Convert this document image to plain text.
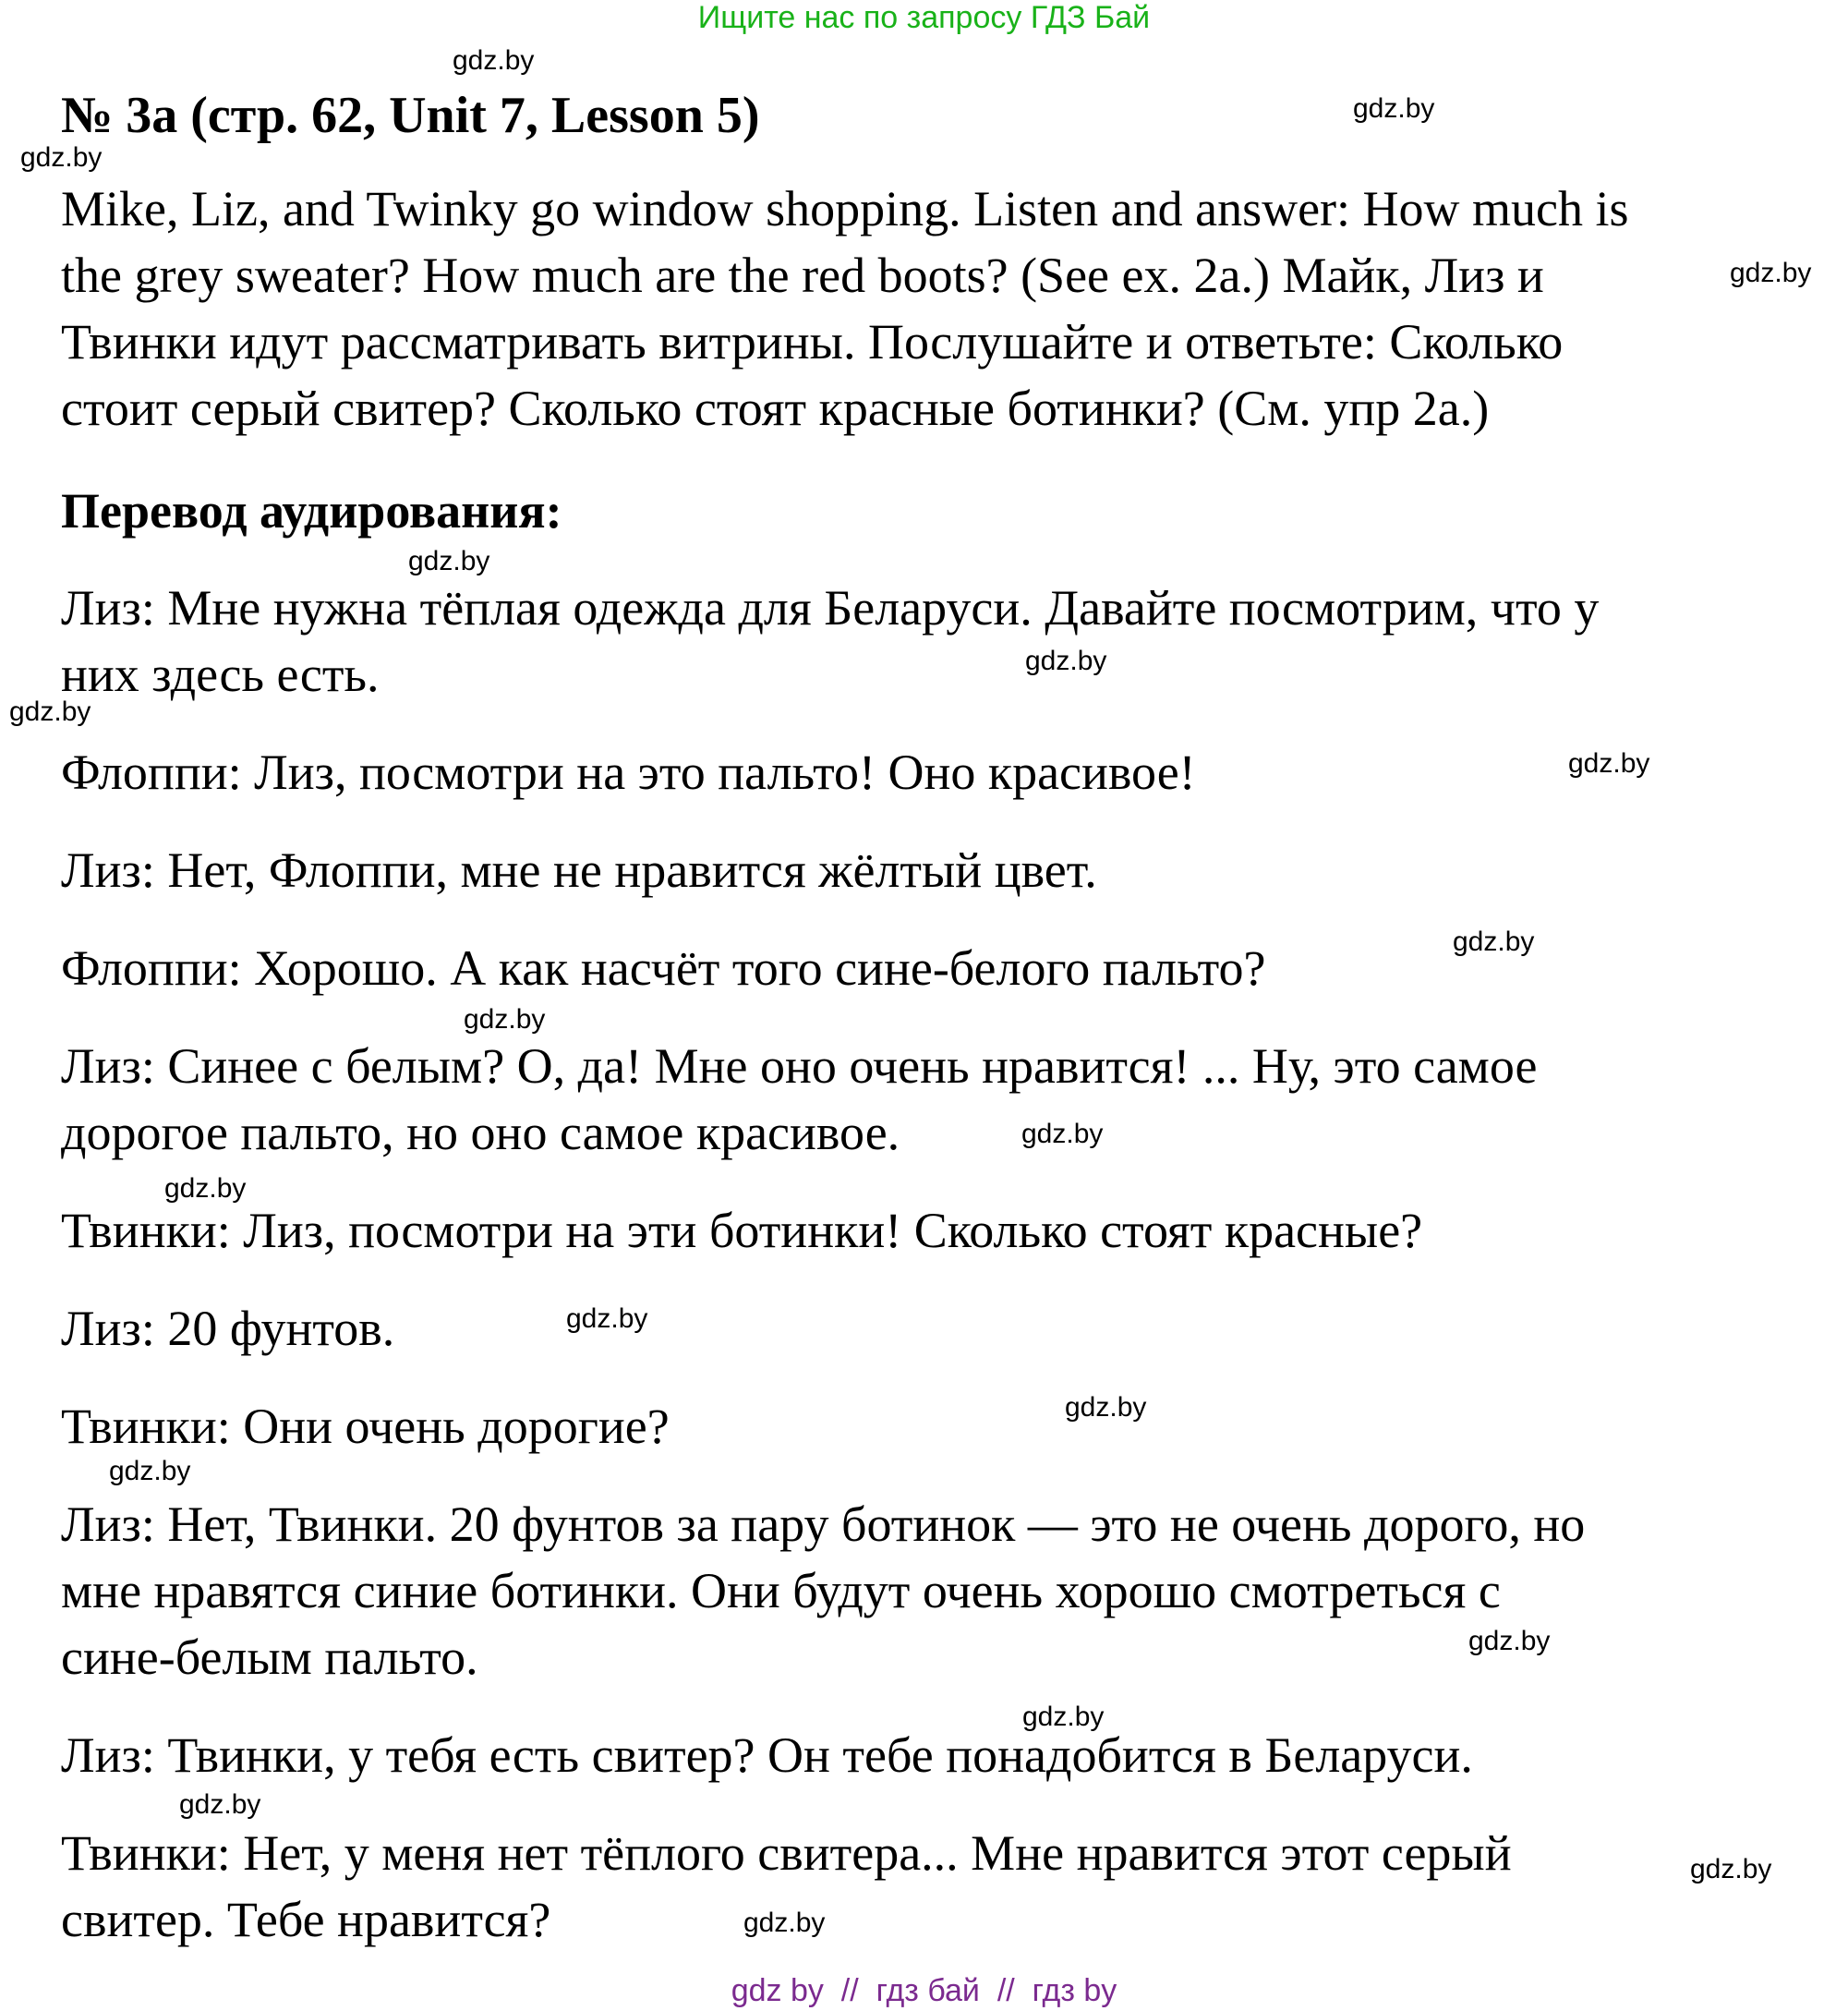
Ищите нас по запросу ГДЗ Бай
№ 3а (стр. 62, Unit 7, Lesson 5)
Mike, Liz, and Twinky go window shopping. Listen and answer: How much is
the grey sweater? How much are the red boots? (See ex. 2a.) Майк, Лиз и
Твинки идут рассматривать витрины. Послушайте и ответьте: Сколько
стоит серый свитер? Сколько стоят красные ботинки? (См. упр 2а.)
Перевод аудирования:
Лиз: Мне нужна тёплая одежда для Беларуси. Давайте посмотрим, что у
них здесь есть.
Флоппи: Лиз, посмотри на это пальто! Оно красивое!
Лиз: Нет, Флоппи, мне не нравится жёлтый цвет.
Флоппи: Хорошо. А как насчёт того сине-белого пальто?
Лиз: Синее с белым? О, да! Мне оно очень нравится! ... Ну, это самое
дорогое пальто, но оно самое красивое.
Твинки: Лиз, посмотри на эти ботинки! Сколько стоят красные?
Лиз: 20 фунтов.
Твинки: Они очень дорогие?
Лиз: Нет, Твинки. 20 фунтов за пару ботинок — это не очень дорого, но
мне нравятся синие ботинки. Они будут очень хорошо смотреться с
сине-белым пальто.
Лиз: Твинки, у тебя есть свитер? Он тебе понадобится в Беларуси.
Твинки: Нет, у меня нет тёплого свитера... Мне нравится этот серый
свитер. Тебе нравится?
gdz.by
gdz.by
gdz.by
gdz.by
gdz.by
gdz.by
gdz.by
gdz.by
gdz.by
gdz.by
gdz.by
gdz.by
gdz.by
gdz.by
gdz.by
gdz.by
gdz.by
gdz.by
gdz.by
gdz.by
gdz by  //  гдз бай  //  гдз by
